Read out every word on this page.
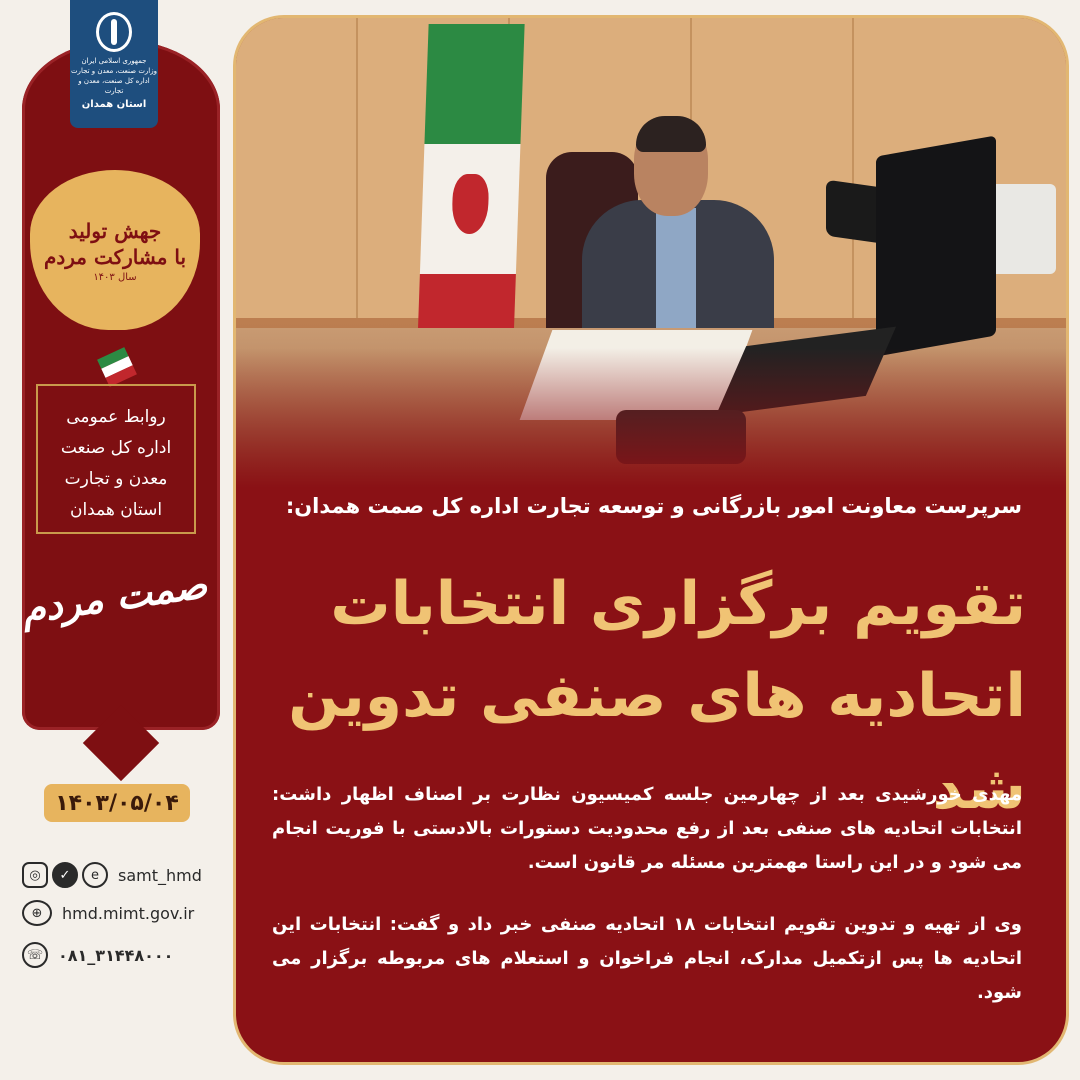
جمهوری اسلامی ایران
وزارت صنعت، معدن و تجارت
اداره کل صنعت، معدن و تجارت
استان همدان
جهش تولید
با مشارکت مردم
سال ۱۴۰۳
روابط عمومی
اداره کل صنعت
معدن و تجارت
استان همدان
صمت مردم
۱۴۰۳/۰۵/۰۴
◎	✓	e	samt_hmd
⊕	hmd.mimt.gov.ir
☏ ۰۸۱_۳۱۴۴۸۰۰۰
سرپرست معاونت امور بازرگانی و توسعه تجارت اداره کل صمت همدان:
تقویم برگزاری انتخابات
اتحادیه های صنفی تدوین شد
مهدی خورشیدی بعد از چهارمین جلسه کمیسیون نظارت بر اصناف اظهار داشت: انتخابات اتحادیه های صنفی بعد از رفع محدودیت دستورات بالادستی با فوریت انجام می شود و در این راستا مهمترین مسئله مر قانون است.
وی از تهیه و تدوین تقویم انتخابات ۱۸ اتحادیه صنفی خبر داد و گفت: انتخابات این اتحادیه ها پس ازتکمیل مدارک، انجام فراخوان و استعلام های مربوطه برگزار می شود.
